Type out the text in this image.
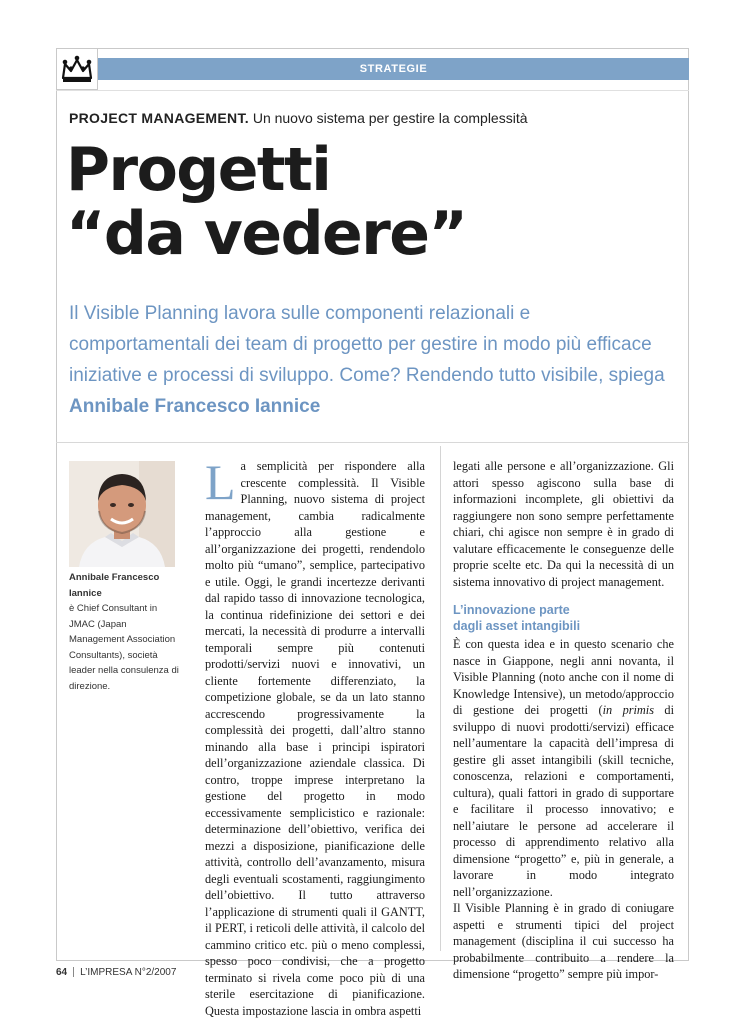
STRATEGIE
PROJECT MANAGEMENT. Un nuovo sistema per gestire la complessità
Progetti
“da vedere”
Il Visible Planning lavora sulle componenti relazionali e comportamentali dei team di progetto per gestire in modo più efficace iniziative e processi di sviluppo. Come? Rendendo tutto visibile, spiega Annibale Francesco Iannice
Annibale Francesco Iannice
è Chief Consultant in JMAC (Japan Management Association Consultants), società leader nella consulenza di direzione.

La semplicità per rispondere alla crescente complessità. Il Visible Planning, nuovo sistema di project management, cambia radicalmente l’approccio alla gestione e all’organizzazione dei progetti, rendendolo molto più “umano”, semplice, partecipativo e utile. Oggi, le grandi incertezze derivanti dal rapido tasso di innovazione tecnologica, la continua ridefinizione dei settori e dei mercati, la necessità di produrre a intervalli temporali sempre più contenuti prodotti/servizi nuovi e innovativi, un cliente fortemente differenziato, la competizione globale, se da un lato stanno accrescendo progressivamente la complessità dei progetti, dall’altro stanno minando alla base i principi ispiratori dell’organizzazione aziendale classica. Di contro, troppe imprese interpretano la gestione del progetto in modo eccessivamente semplicistico e razionale: determinazione dell’obiettivo, verifica dei mezzi a disposizione, pianificazione delle attività, controllo dell’avanzamento, misura degli eventuali scostamenti, raggiungimento dell’obiettivo. Il tutto attraverso l’applicazione di strumenti quali il GANTT, il PERT, i reticoli delle attività, il calcolo del cammino critico etc. più o meno complessi, spesso poco condivisi, che a progetto terminato si rivela come poco più di una sterile esercitazione di pianificazione. Questa impostazione lascia in ombra aspetti

legati alle persone e all’organizzazione. Gli attori spesso agiscono sulla base di informazioni incomplete, gli obiettivi da raggiungere non sono sempre perfettamente chiari, chi agisce non sempre è in grado di valutare efficacemente le conseguenze delle proprie scelte etc. Da qui la necessità di un sistema innovativo di project management.

L’innovazione parte
dagli asset intangibili

È con questa idea e in questo scenario che nasce in Giappone, negli anni novanta, il Visible Planning (noto anche con il nome di Knowledge Intensive), un metodo/approccio di gestione dei progetti (in primis di sviluppo di nuovi prodotti/servizi) efficace nell’aumentare la capacità dell’impresa di gestire gli asset intangibili (skill tecniche, conoscenza, relazioni e comportamenti, cultura), quali fattori in grado di supportare e facilitare il processo innovativo; e nell’aiutare le persone ad accelerare il processo di apprendimento relativo alla dimensione “progetto” e, più in generale, a lavorare in modo integrato nell’organizzazione.

Il Visible Planning è in grado di coniugare aspetti e strumenti tipici del project management (disciplina il cui successo ha probabilmente contribuito a rendere la dimensione “progetto” sempre più impor-

64 L’IMPRESA N°2/2007
